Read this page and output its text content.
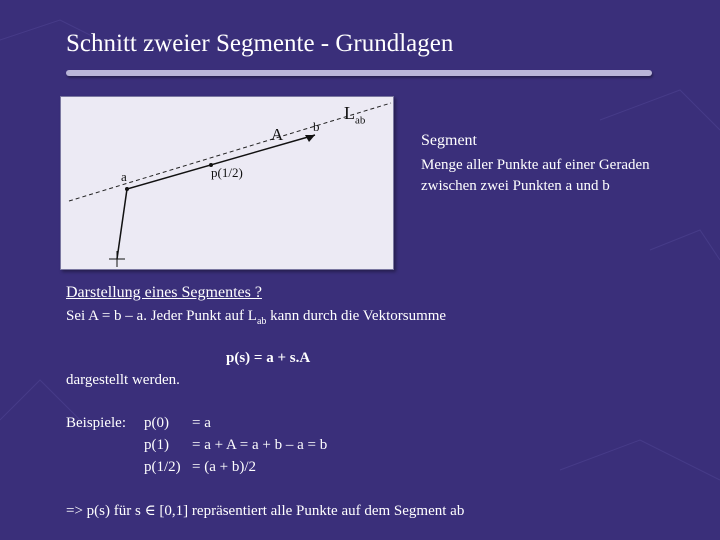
Schnitt zweier Segmente - Grundlagen
A b
a	p(1/2)
$L_{ab}$
Segment
Menge aller Punkte auf einer Geraden zwischen zwei Punkten a und b
Darstellung eines Segmentes ?
Sei A = b – a. Jeder Punkt auf $L_{ab}$ kann durch die Vektorsumme
p(s) = a + s.A
dargestellt werden.
Beispiele: p(0) = a
p(1) = a + A = a + b – a = b
p(1/2) = (a + b)/2
=> p(s) für s ∈ [0,1] repräsentiert alle Punkte auf dem Segment ab
